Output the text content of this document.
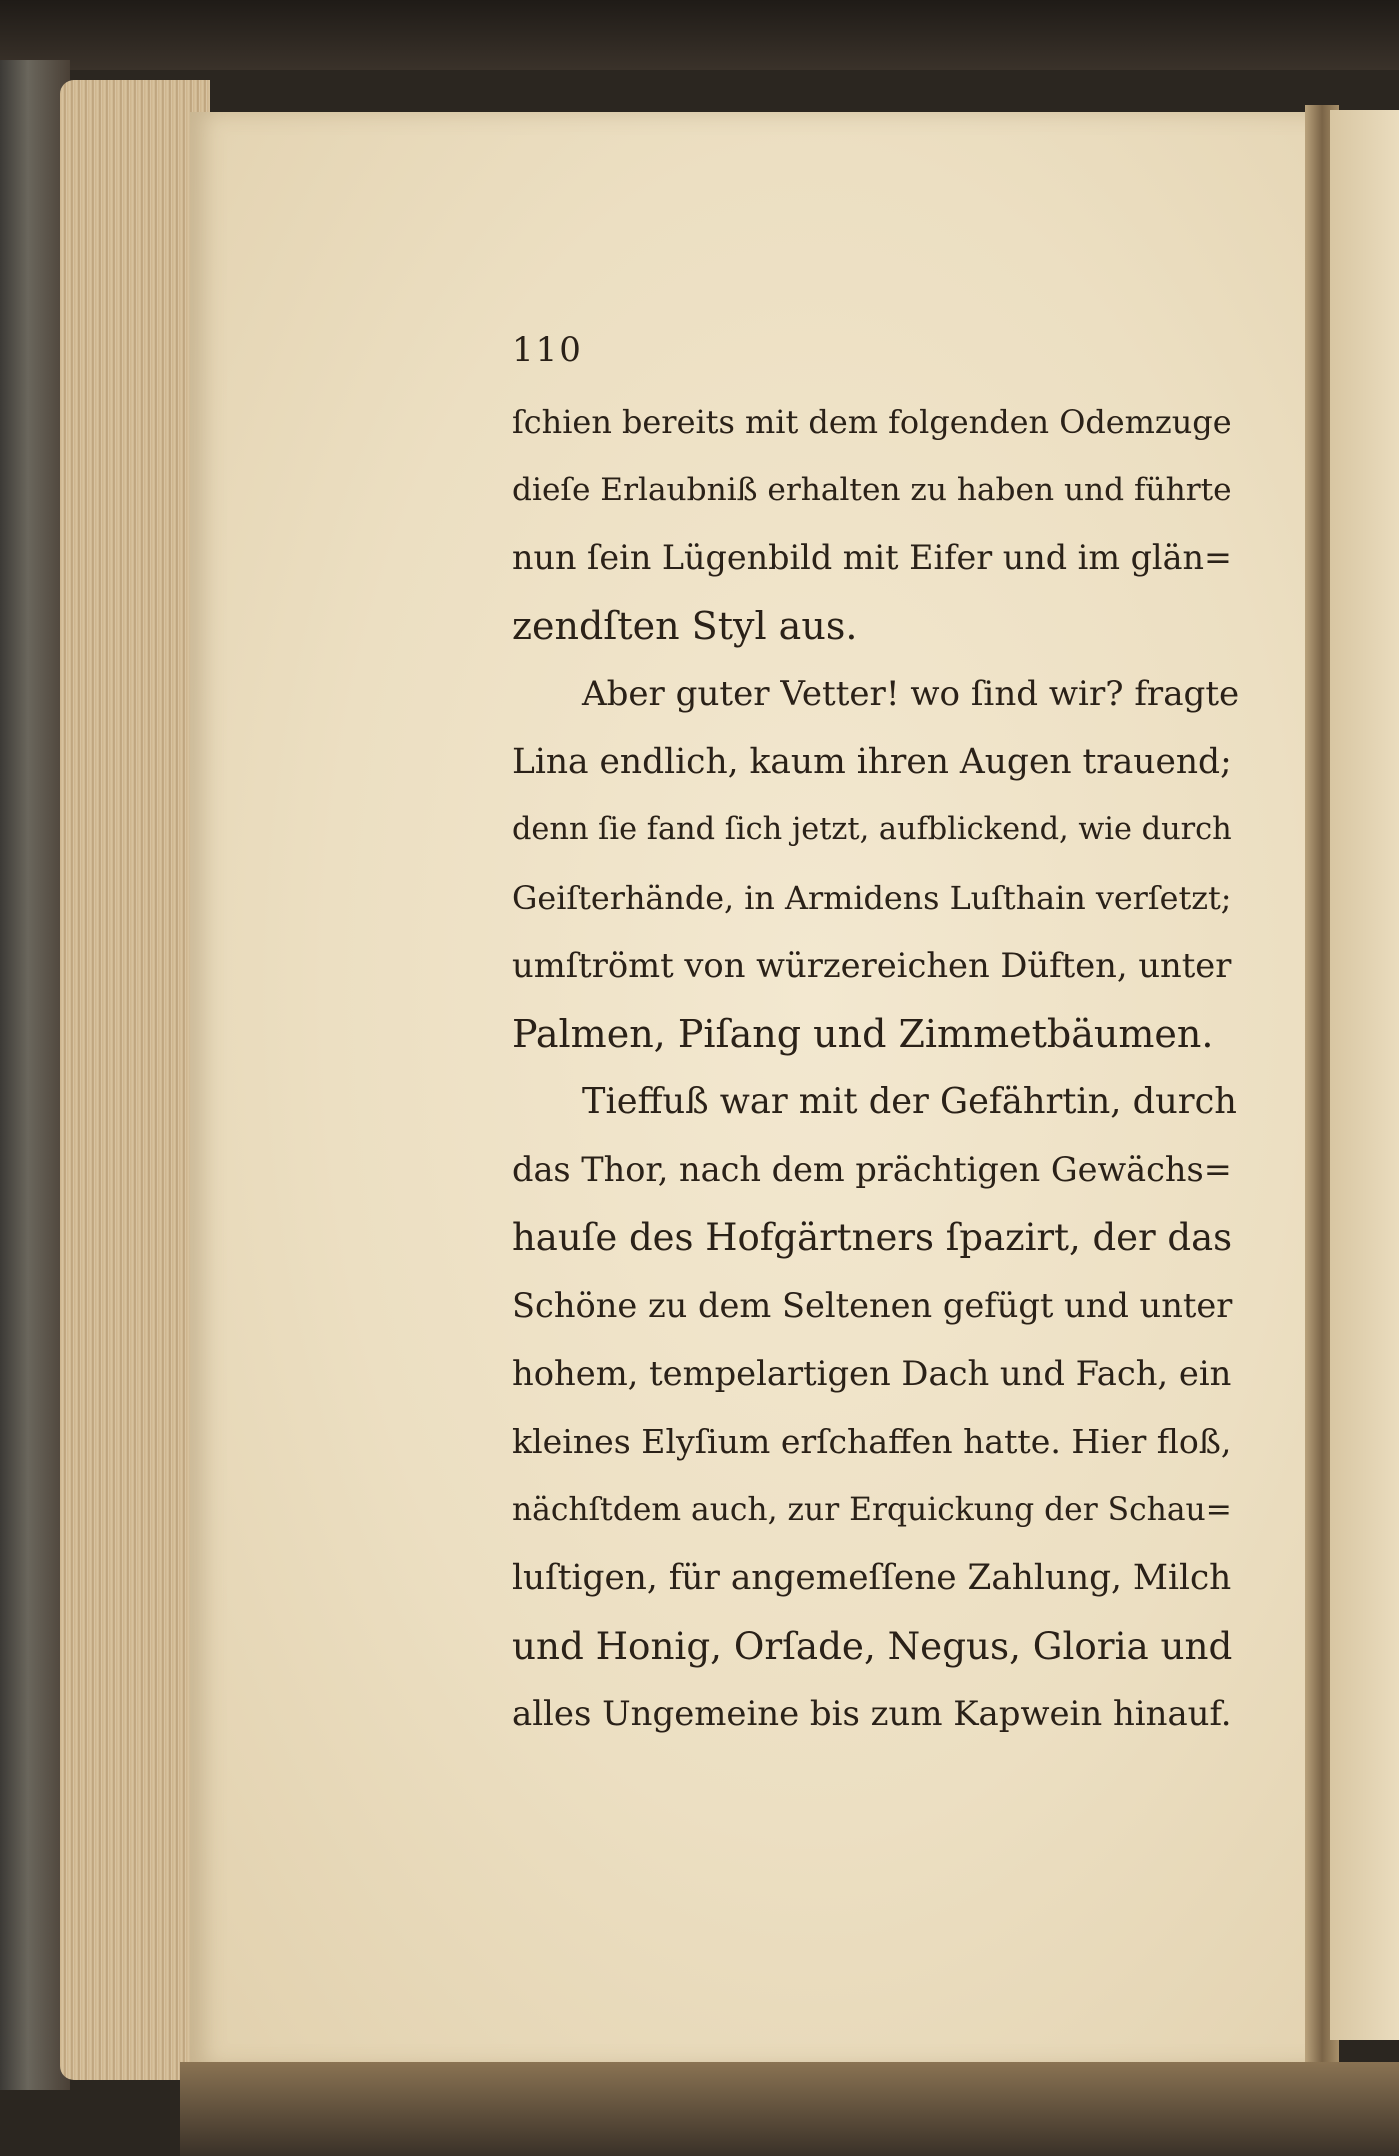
110
ſchien bereits mit dem folgenden Odemzuge
dieſe Erlaubniß erhalten zu haben und führte
nun ſein Lügenbild mit Eifer und im glän=
zendſten Styl aus.
Aber guter Vetter! wo ſind wir? fragte
Lina endlich, kaum ihren Augen trauend;
denn ſie fand ſich jetzt, aufblickend, wie durch
Geiſterhände, in Armidens Luſthain verſetzt;
umſtrömt von würzereichen Düften, unter
Palmen, Piſang und Zimmetbäumen.
Tieffuß war mit der Gefährtin, durch
das Thor, nach dem prächtigen Gewächs=
hauſe des Hofgärtners ſpazirt, der das
Schöne zu dem Seltenen gefügt und unter
hohem, tempelartigen Dach und Fach, ein
kleines Elyſium erſchaffen hatte. Hier floß,
nächſtdem auch, zur Erquickung der Schau=
luſtigen, für angemeſſene Zahlung, Milch
und Honig, Orſade, Negus, Gloria und
alles Ungemeine bis zum Kapwein hinauf.
